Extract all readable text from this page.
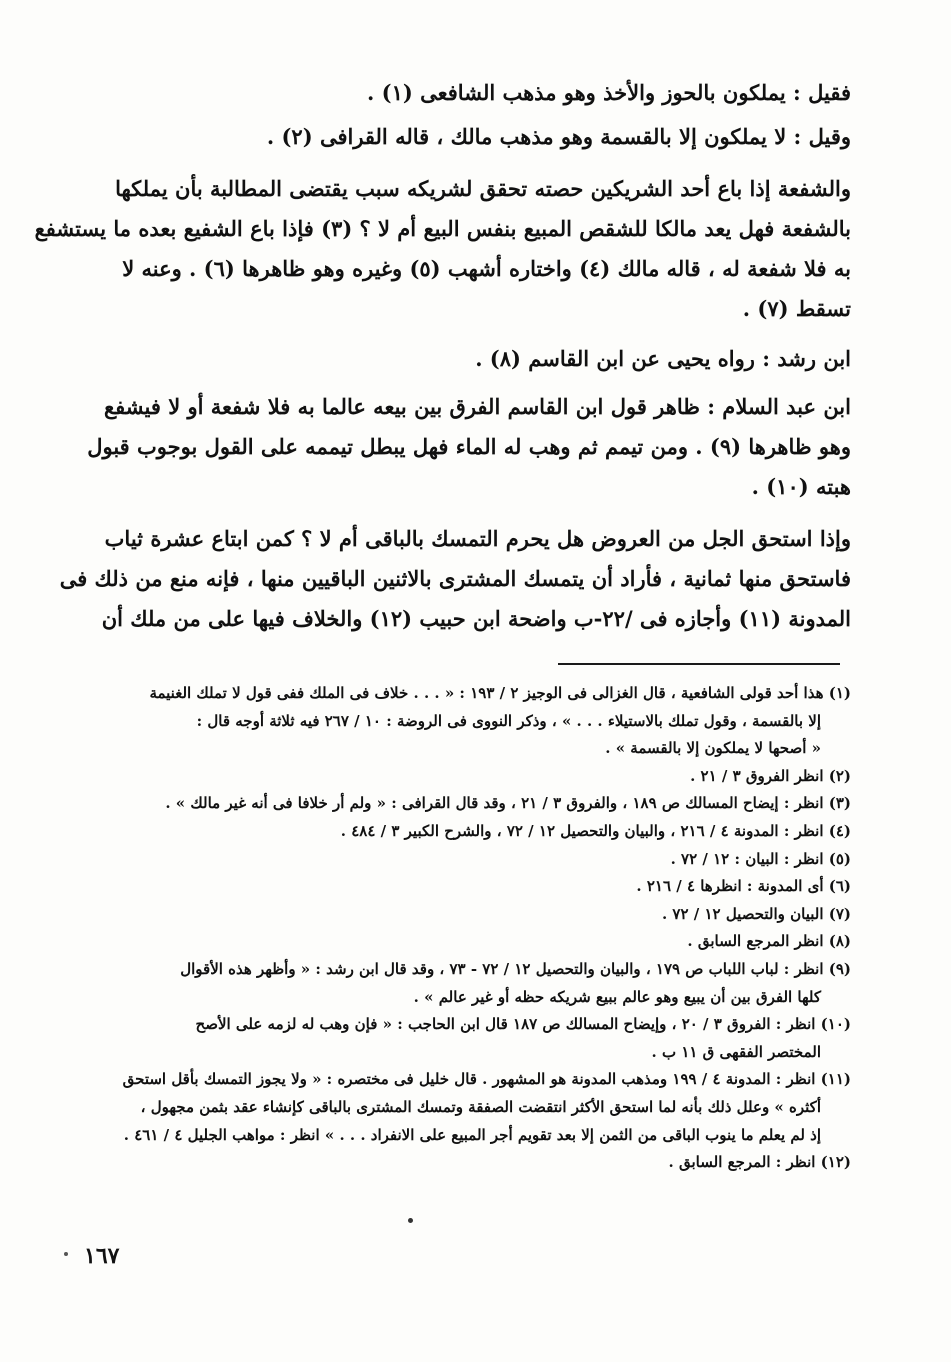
فقيل : يملكون بالحوز والأخذ وهو مذهب الشافعى (١) .
وقيل : لا يملكون إلا بالقسمة وهو مذهب مالك ، قاله القرافى (٢) .
والشفعة إذا باع أحد الشريكين حصته تحقق لشريكه سبب يقتضى المطالبة بأن يملكها
بالشفعة فهل يعد مالكا للشقص المبيع بنفس البيع أم لا ؟ (٣) فإذا باع الشفيع بعده ما يستشفع
به فلا شفعة له ، قاله مالك (٤) واختاره أشهب (٥) وغيره وهو ظاهرها (٦) . وعنه لا
تسقط (٧) .
ابن رشد : رواه يحيى عن ابن القاسم (٨) .
ابن عبد السلام : ظاهر قول ابن القاسم الفرق بين بيعه عالما به فلا شفعة أو لا فيشفع
وهو ظاهرها (٩) . ومن تيمم ثم وهب له الماء فهل يبطل تيممه على القول بوجوب قبول
هبته (١٠) .
وإذا استحق الجل من العروض هل يحرم التمسك بالباقى أم لا ؟ كمن ابتاع عشرة ثياب
فاستحق منها ثمانية ، فأراد أن يتمسك المشترى بالاثنين الباقيين منها ، فإنه منع من ذلك فى
المدونة (١١) وأجازه فى /٢٢-ب واضحة ابن حبيب (١٢) والخلاف فيها على من ملك أن
(١) هذا أحد قولى الشافعية ، قال الغزالى فى الوجيز ٢ / ١٩٣ : « . . . خلاف فى الملك ففى قول لا تملك الغنيمة
إلا بالقسمة ، وقول تملك بالاستيلاء . . . » ، وذكر النووى فى الروضة : ١٠ / ٢٦٧ فيه ثلاثة أوجه قال :
« أصحها لا يملكون إلا بالقسمة » .
(٢) انظر الفروق ٣ / ٢١ .
(٣) انظر : إيضاح المسالك ص ١٨٩ ، والفروق ٣ / ٢١ ، وقد قال القرافى : « ولم أر خلافا فى أنه غير مالك » .
(٤) انظر : المدونة ٤ / ٢١٦ ، والبيان والتحصيل ١٢ / ٧٢ ، والشرح الكبير ٣ / ٤٨٤ .
(٥) انظر : البيان : ١٢ / ٧٢ .
(٦) أى المدونة : انظرها ٤ / ٢١٦ .
(٧) البيان والتحصيل ١٢ / ٧٢ .
(٨) انظر المرجع السابق .
(٩) انظر : لباب اللباب ص ١٧٩ ، والبيان والتحصيل ١٢ / ٧٢ - ٧٣ ، وقد قال ابن رشد : « وأظهر هذه الأقوال
كلها الفرق بين أن يبيع وهو عالم ببيع شريكه حظه أو غير عالم » .
(١٠) انظر : الفروق ٣ / ٢٠ ، وإيضاح المسالك ص ١٨٧ قال ابن الحاجب : « فإن وهب له لزمه على الأصح
المختصر الفقهى ق ١١ ب .
(١١) انظر : المدونة ٤ / ١٩٩ ومذهب المدونة هو المشهور . قال خليل فى مختصره : « ولا يجوز التمسك بأقل استحق
أكثره » وعلل ذلك بأنه لما استحق الأكثر انتقضت الصفقة وتمسك المشترى بالباقى كإنشاء عقد بثمن مجهول ،
إذ لم يعلم ما ينوب الباقى من الثمن إلا بعد تقويم أجر المبيع على الانفراد . . . » انظر : مواهب الجليل ٤ / ٤٦١ .
(١٢) انظر : المرجع السابق .
١٦٧
